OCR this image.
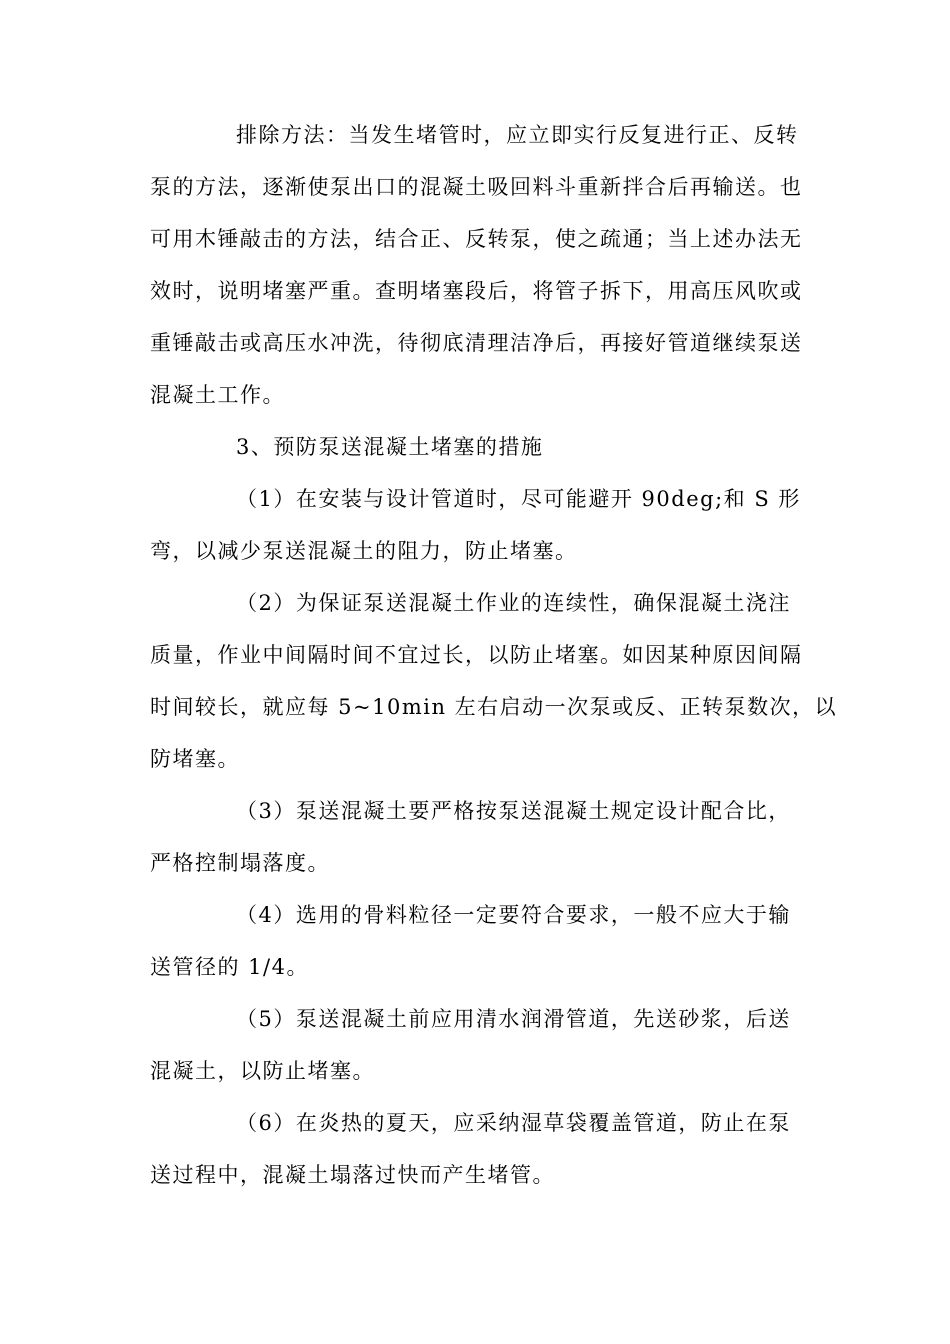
排除方法：当发生堵管时，应立即实行反复进行正、反转
泵的方法，逐渐使泵出口的混凝土吸回料斗重新拌合后再输送。也
可用木锤敲击的方法，结合正、反转泵，使之疏通；当上述办法无
效时，说明堵塞严重。查明堵塞段后，将管子拆下，用高压风吹或
重锤敲击或高压水冲洗，待彻底清理洁净后，再接好管道继续泵送
混凝土工作。
3、预防泵送混凝土堵塞的措施
（1）在安装与设计管道时，尽可能避开 90deg;和 S 形
弯，以减少泵送混凝土的阻力，防止堵塞。
（2）为保证泵送混凝土作业的连续性，确保混凝土浇注
质量，作业中间隔时间不宜过长，以防止堵塞。如因某种原因间隔
时间较长，就应每 5~10min 左右启动一次泵或反、正转泵数次，以
防堵塞。
（3）泵送混凝土要严格按泵送混凝土规定设计配合比，
严格控制塌落度。
（4）选用的骨料粒径一定要符合要求，一般不应大于输
送管径的 1/4。
（5）泵送混凝土前应用清水润滑管道，先送砂浆，后送
混凝土，以防止堵塞。
（6）在炎热的夏天，应采纳湿草袋覆盖管道，防止在泵
送过程中，混凝土塌落过快而产生堵管。
